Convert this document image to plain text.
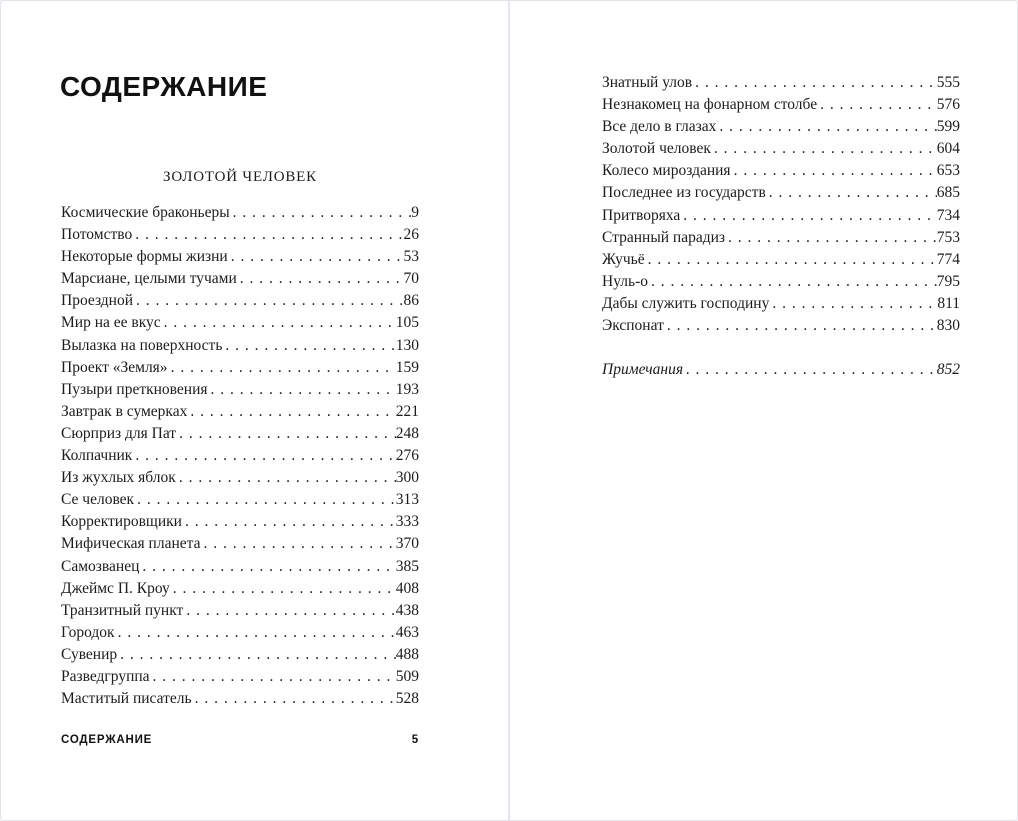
СОДЕРЖАНИЕ
ЗОЛОТОЙ ЧЕЛОВЕК
Космические браконьеры . . .	9
Потомство . . .	26
Некоторые формы жизни . . .	53
Марсиане, целыми тучами . . .	70
Проездной . . .	86
Мир на ее вкус . . .	105
Вылазка на поверхность . . .	130
Проект «Земля» . . .	159
Пузыри преткновения . . .	193
Завтрак в сумерках . . .	221
Сюрприз для Пат . . .	248
Колпачник . . .	276
Из жухлых яблок . . .	300
Се человек . . .	313
Корректировщики . . .	333
Мифическая планета . . .	370
Самозванец . . .	385
Джеймс П. Кроу . . .	408
Транзитный пункт . . .	438
Городок . . .	463
Сувенир . . .	488
Разведгруппа . . .	509
Маститый писатель . . .	528
СОДЕРЖАНИЕ	5
Знатный улов . . .	555
Незнакомец на фонарном столбе . . .	576
Все дело в глазах . . .	599
Золотой человек . . .	604
Колесо мироздания . . .	653
Последнее из государств . . .	685
Притворяха . . .	734
Странный парадиз . . .	753
Жучьё . . .	774
Нуль-о . . .	795
Дабы служить господину . . .	811
Экспонат . . .	830
Примечания . . .	852
